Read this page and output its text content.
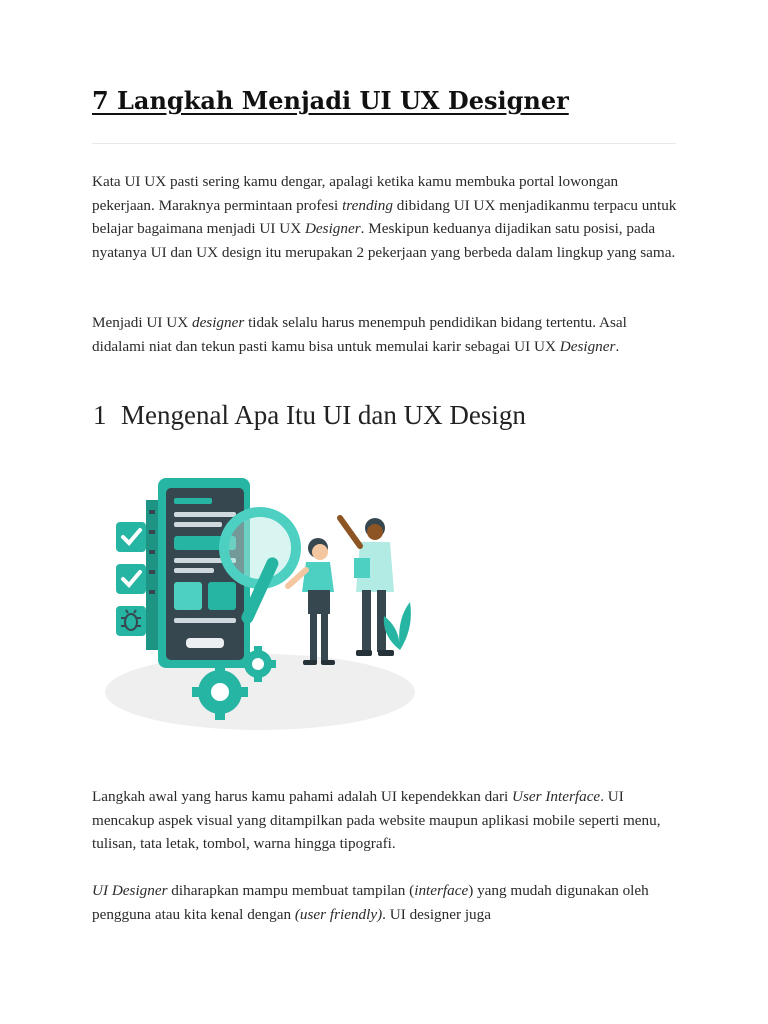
7 Langkah Menjadi UI UX Designer

Kata UI UX pasti sering kamu dengar, apalagi ketika kamu membuka portal lowongan pekerjaan. Maraknya permintaan profesi trending dibidang UI UX menjadikanmu terpacu untuk belajar bagaimana menjadi UI UX Designer. Meskipun keduanya dijadikan satu posisi, pada nyatanya UI dan UX design itu merupakan 2 pekerjaan yang berbeda dalam lingkup yang sama.

Menjadi UI UX designer tidak selalu harus menempuh pendidikan bidang tertentu. Asal didalami niat dan tekun pasti kamu bisa untuk memulai karir sebagai UI UX Designer.

1 Mengenal Apa Itu UI dan UX Design

Langkah awal yang harus kamu pahami adalah UI kependekkan dari User Interface. UI mencakup aspek visual yang ditampilkan pada website maupun aplikasi mobile seperti menu, tulisan, tata letak, tombol, warna hingga tipografi.

UI Designer diharapkan mampu membuat tampilan (interface) yang mudah digunakan oleh pengguna atau kita kenal dengan (user friendly). UI designer juga
